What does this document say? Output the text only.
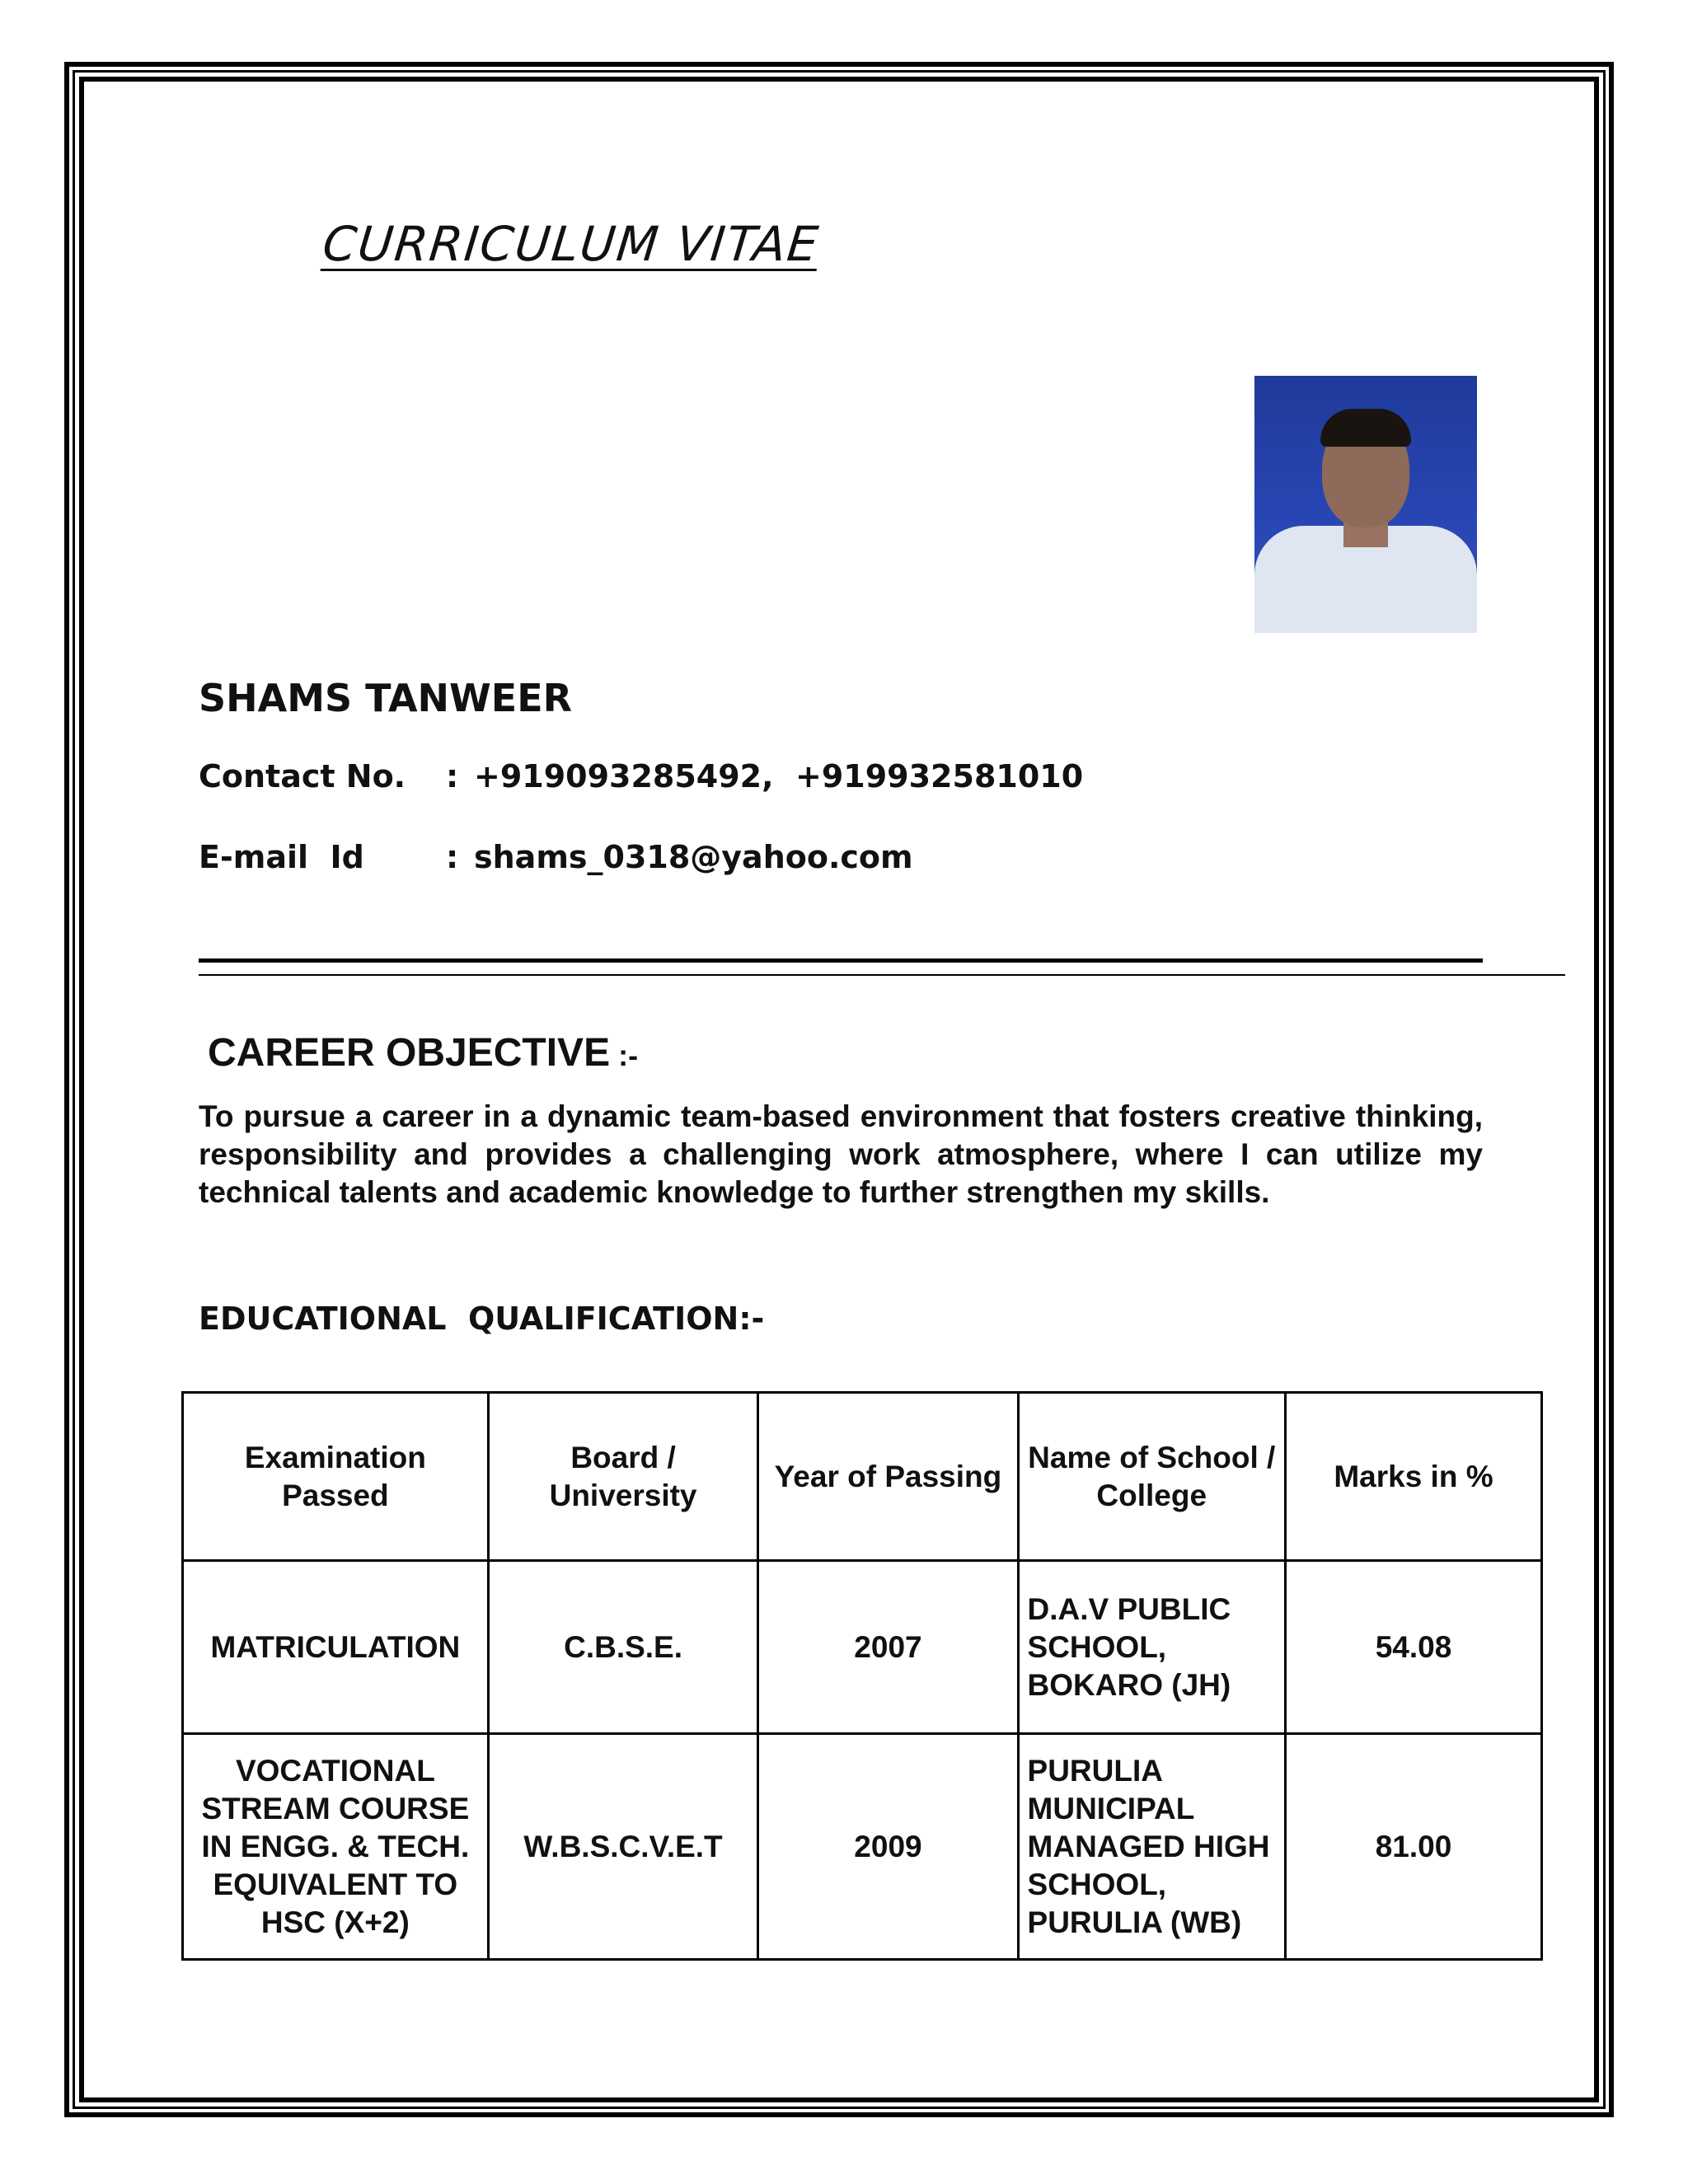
CURRICULUM VITAE
SHAMS TANWEER
Contact No. : +919093285492,  +919932581010
E-mail  Id	: shams_0318@yahoo.com
CAREER OBJECTIVE :-
To pursue a career in a dynamic team-based environment that fosters creative thinking, responsibility and provides a challenging work atmosphere, where I can utilize my technical talents and academic knowledge to further strengthen my skills.
EDUCATIONAL  QUALIFICATION:-
Examination Passed	Board / University	Year of Passing	Name of School / College	Marks in %
MATRICULATION	C.B.S.E.	2007	D.A.V PUBLIC SCHOOL, BOKARO (JH)	54.08
VOCATIONAL STREAM COURSE IN ENGG. & TECH. EQUIVALENT TO HSC (X+2)	W.B.S.C.V.E.T	2009	PURULIA MUNICIPAL MANAGED HIGH SCHOOL, PURULIA (WB)	81.00
